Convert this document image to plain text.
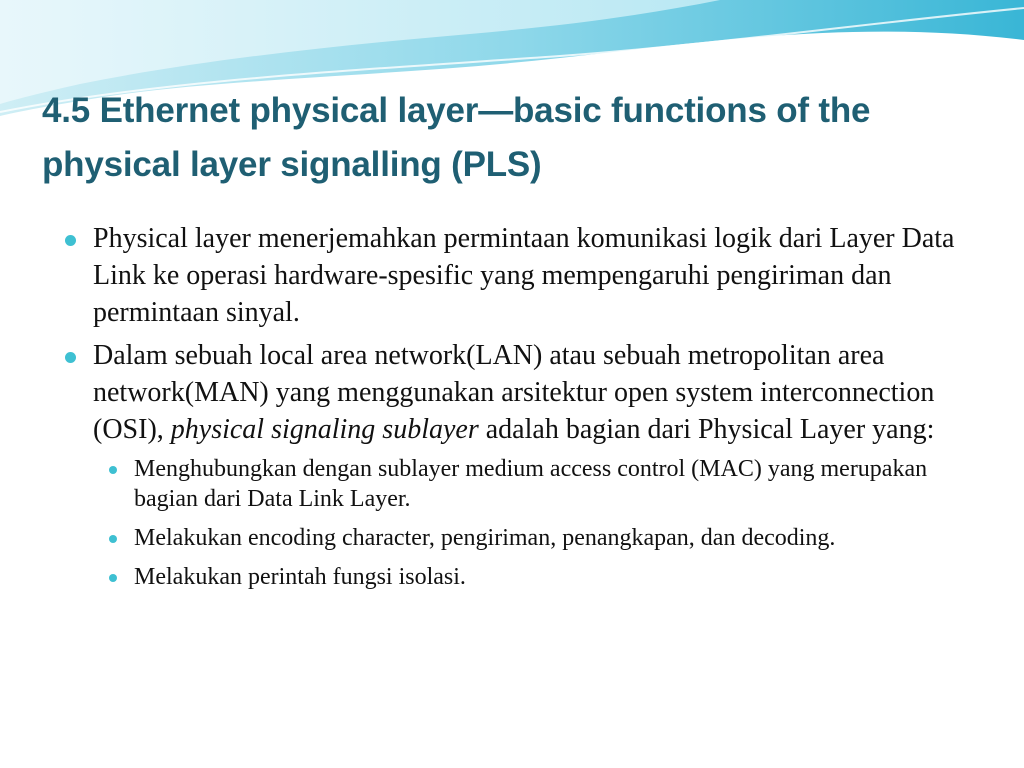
4.5 Ethernet physical layer—basic functions of the physical layer signalling (PLS)
Physical layer menerjemahkan permintaan komunikasi logik dari Layer Data Link ke operasi hardware-spesific yang mempengaruhi pengiriman dan permintaan sinyal.
Dalam sebuah local area network(LAN) atau sebuah metropolitan area network(MAN) yang menggunakan arsitektur open system interconnection (OSI), physical signaling sublayer adalah bagian dari Physical Layer yang:
Menghubungkan dengan sublayer medium access control (MAC) yang merupakan bagian dari Data Link Layer.
Melakukan encoding character, pengiriman, penangkapan, dan decoding.
Melakukan perintah fungsi isolasi.
